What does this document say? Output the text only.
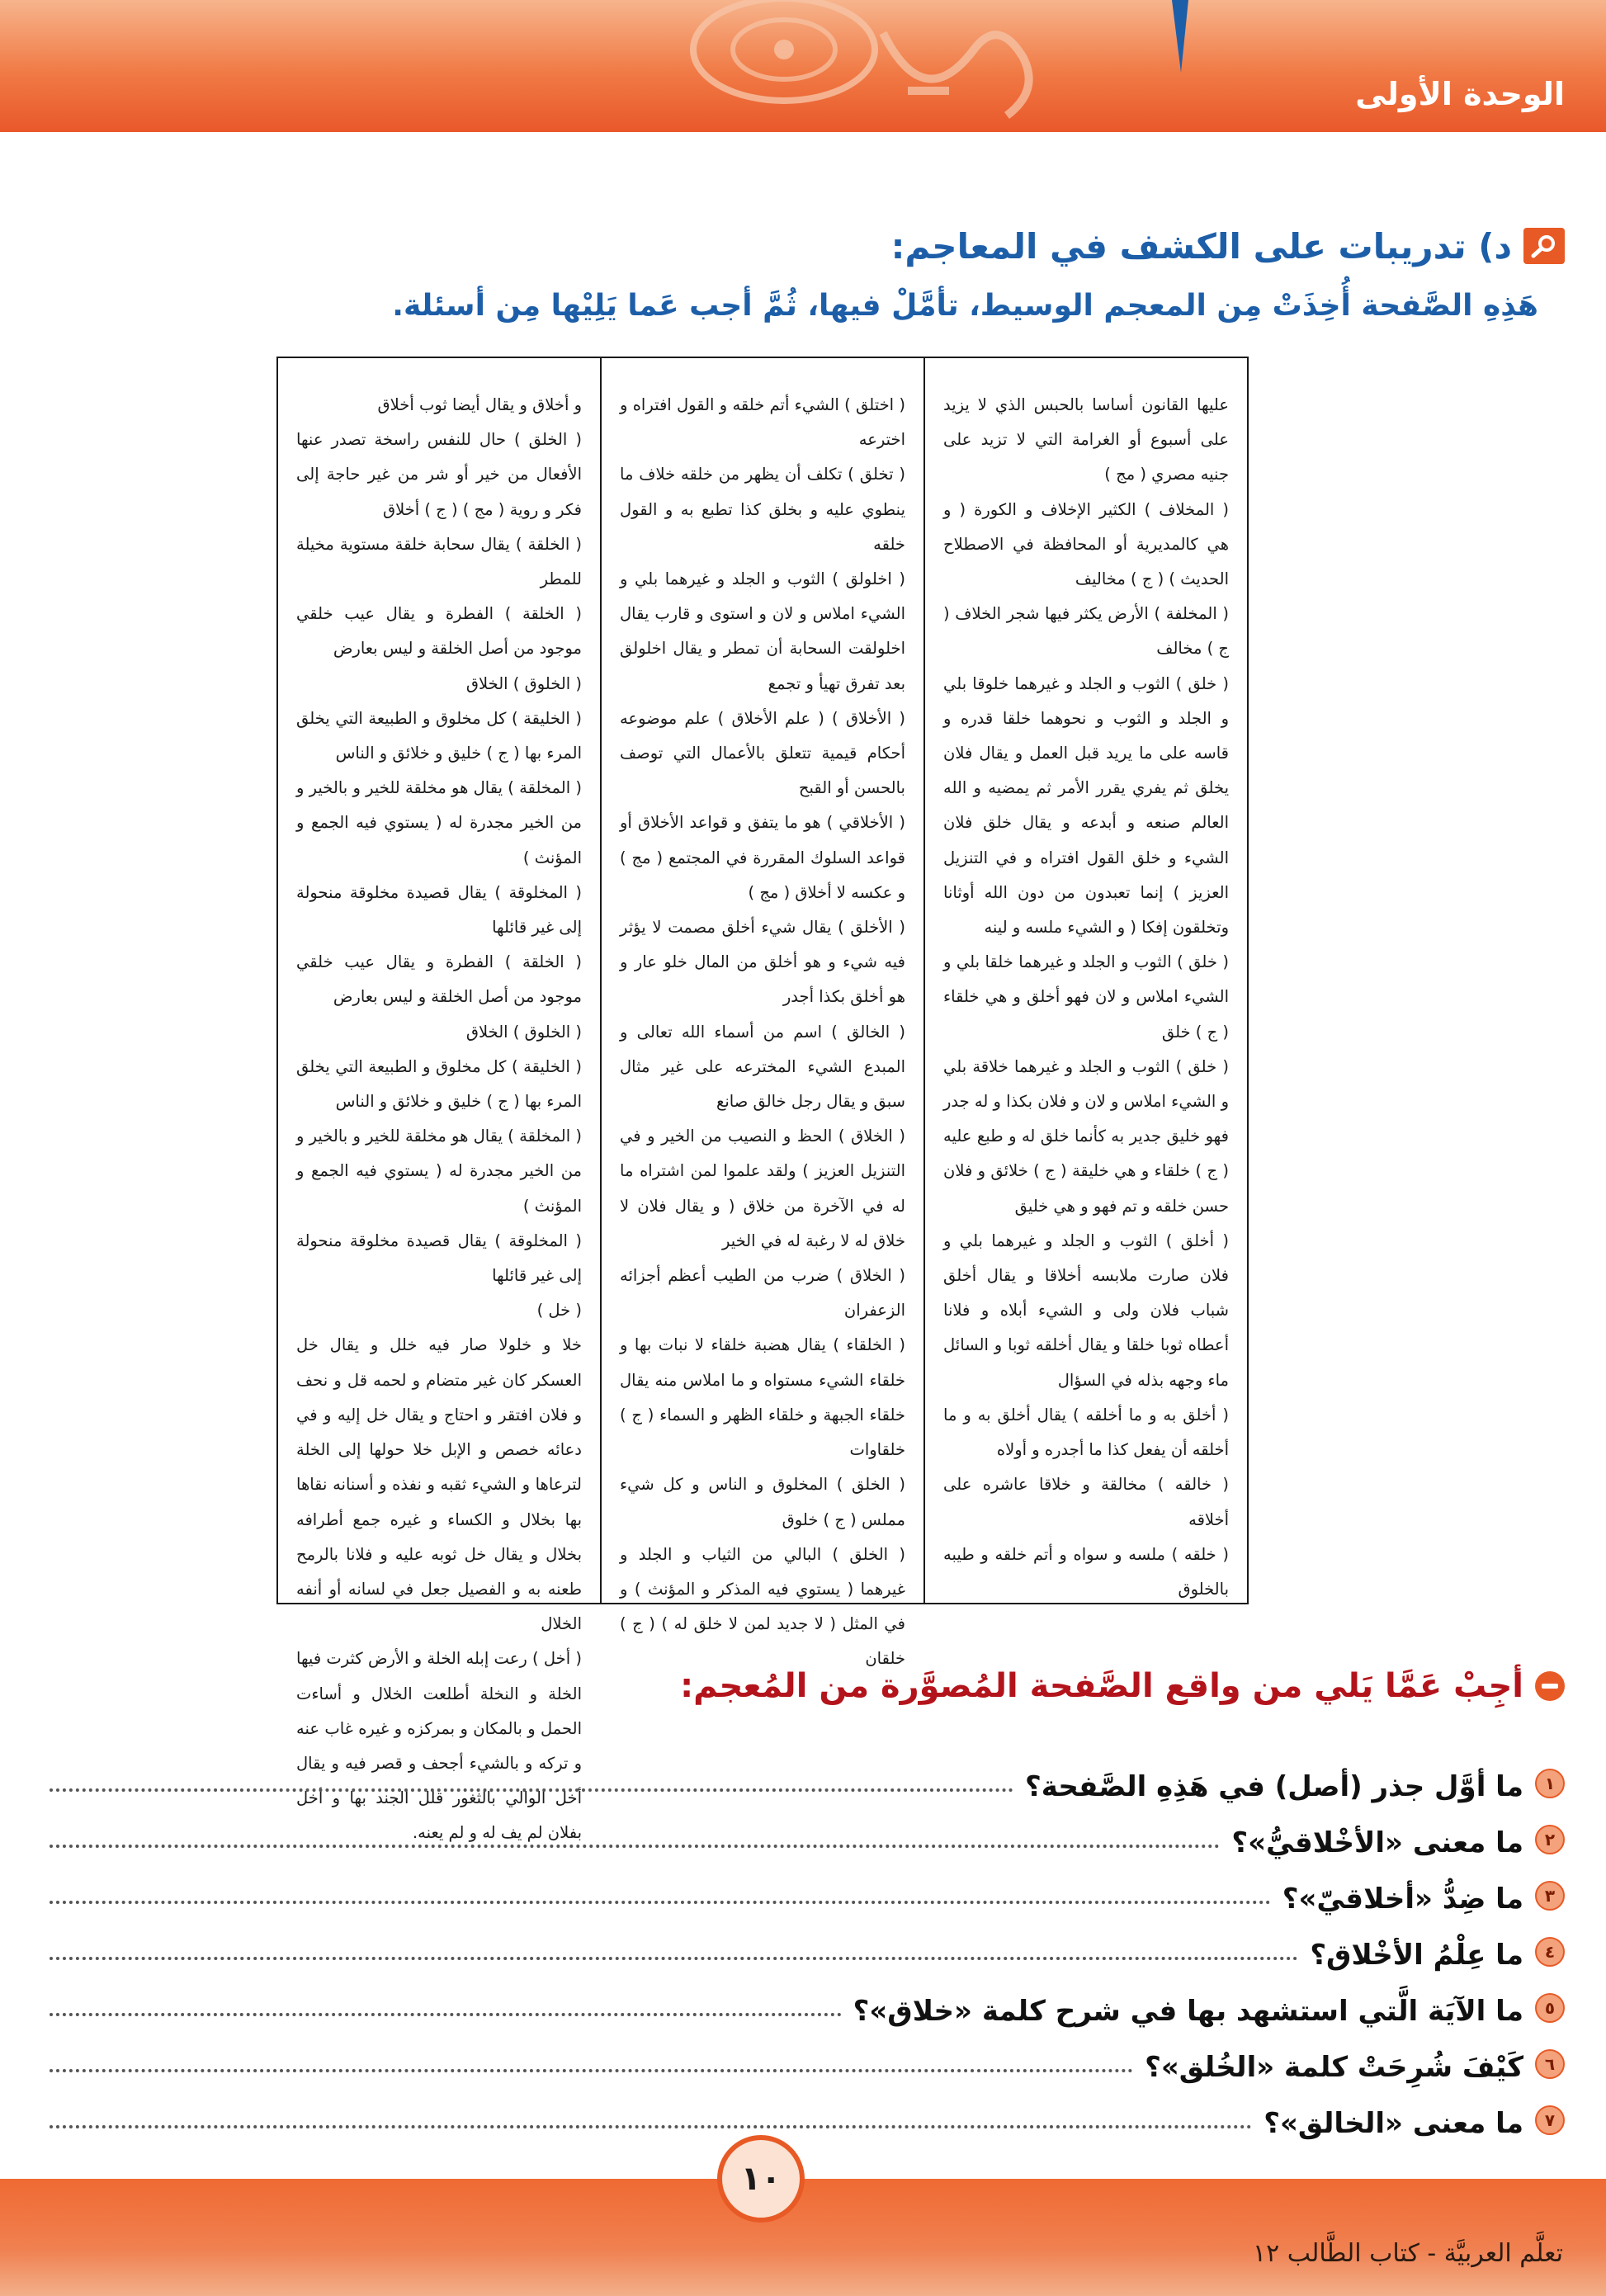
الوحدة الأولى
د) تدريبات على الكشف في المعاجم:
هَذِهِ الصَّفحة أُخِذَتْ مِن المعجم الوسيط، تأمَّلْ فيها، ثُمَّ أجب عَما يَلِيْها مِن أسئلة.
عليها القانون أساسا بالحبس الذي لا يزيد على أسبوع أو الغرامة التي لا تزيد على جنيه مصري ( مج )
( المخلاف ) الكثير الإخلاف و الكورة ( و هي كالمديرية أو المحافظة في الاصطلاح الحديث ) ( ج ) مخاليف
( المخلفة ) الأرض يكثر فيها شجر الخلاف ( ج ) مخالف
( خلق ) الثوب و الجلد و غيرهما خلوقا بلي و الجلد و الثوب و نحوهما خلقا قدره و قاسه على ما يريد قبل العمل و يقال فلان يخلق ثم يفري يقرر الأمر ثم يمضيه و الله العالم صنعه و أبدعه و يقال خلق فلان الشيء و خلق القول افتراه و في التنزيل العزيز ) إنما تعبدون من دون الله أوثانا وتخلقون إفكا ( و الشيء ملسه و لينه
( خلق ) الثوب و الجلد و غيرهما خلقا بلي و الشيء املاس و لان فهو أخلق و هي خلقاء ( ج ) خلق
( خلق ) الثوب و الجلد و غيرهما خلاقة بلي و الشيء املاس و لان و فلان بكذا و له جدر فهو خليق جدير به كأنما خلق له و طبع عليه ( ج ) خلقاء و هي خليقة ( ج ) خلائق و فلان حسن خلقه و تم فهو و هي خليق
( أخلق ) الثوب و الجلد و غيرهما بلي و فلان صارت ملابسه أخلاقا و يقال أخلق شباب فلان ولى و الشيء أبلاه و فلانا أعطاه ثوبا خلقا و يقال أخلقه ثوبا و السائل ماء وجهه بذله في السؤال
( أخلق به و ما أخلقه ) يقال أخلق به و ما أخلقه أن يفعل كذا ما أجدره و أولاه
( خالقه ) مخالقة و خلاقا عاشره على أخلاقه
( خلقه ) ملسه و سواه و أتم خلقه و طيبه بالخلوق
( اختلق ) الشيء أتم خلقه و القول افتراه و اخترعه
( تخلق ) تكلف أن يظهر من خلقه خلاف ما ينطوي عليه و بخلق كذا تطبع به و القول خلقه
( اخلولق ) الثوب و الجلد و غيرهما بلي و الشيء املاس و لان و استوى و قارب يقال اخلولقت السحابة أن تمطر و يقال اخلولق بعد تفرق تهيأ و تجمع
( الأخلاق ) ( علم الأخلاق ) علم موضوعه أحكام قيمية تتعلق بالأعمال التي توصف بالحسن أو القبح
( الأخلاقي ) هو ما يتفق و قواعد الأخلاق أو قواعد السلوك المقررة في المجتمع ( مج ) و عكسه لا أخلاق ( مج )
( الأخلق ) يقال شيء أخلق مصمت لا يؤثر فيه شيء و هو أخلق من المال خلو عار و هو أخلق بكذا أجدر
( الخالق ) اسم من أسماء الله تعالى و المبدع الشيء المخترعه على غير مثال سبق و يقال رجل خالق صانع
( الخلاق ) الحظ و النصيب من الخير و في التنزيل العزيز ) ولقد علموا لمن اشتراه ما له في الآخرة من خلاق ( و يقال فلان لا خلاق له لا رغبة له في الخير
( الخلاق ) ضرب من الطيب أعظم أجزائه الزعفران
( الخلقاء ) يقال هضبة خلقاء لا نبات بها و خلقاء الشيء مستواه و ما املاس منه يقال خلقاء الجبهة و خلقاء الظهر و السماء ( ج ) خلقاوات
( الخلق ) المخلوق و الناس و كل شيء مملس ( ج ) خلوق
( الخلق ) البالي من الثياب و الجلد و غيرهما ( يستوي فيه المذكر و المؤنث ) و في المثل ( لا جديد لمن لا خلق له ) ( ج ) خلقان
و أخلاق و يقال أيضا ثوب أخلاق
( الخلق ) حال للنفس راسخة تصدر عنها الأفعال من خير أو شر من غير حاجة إلى فكر و روية ( مج ) ( ج ) أخلاق
( الخلقة ) يقال سحابة خلقة مستوية مخيلة للمطر
( الخلقة ) الفطرة و يقال عيب خلقي موجود من أصل الخلقة و ليس بعارض
( الخلوق ) الخلاق
( الخليقة ) كل مخلوق و الطبيعة التي يخلق المرء بها ( ج ) خليق و خلائق و الناس
( المخلقة ) يقال هو مخلقة للخير و بالخير و من الخير مجدرة له ( يستوي فيه الجمع و المؤنث )
( المخلوقة ) يقال قصيدة مخلوقة منحولة إلى غير قائلها
( الخلقة ) الفطرة و يقال عيب خلقي موجود من أصل الخلقة و ليس بعارض
( الخلوق ) الخلاق
( الخليقة ) كل مخلوق و الطبيعة التي يخلق المرء بها ( ج ) خليق و خلائق و الناس
( المخلقة ) يقال هو مخلقة للخير و بالخير و من الخير مجدرة له ( يستوي فيه الجمع و المؤنث )
( المخلوقة ) يقال قصيدة مخلوقة منحولة إلى غير قائلها
( خل )
خلا و خلولا صار فيه خلل و يقال خل العسكر كان غير متضام و لحمه قل و نحف و فلان افتقر و احتاج و يقال خل إليه و في دعائه خصص و الإبل خلا حولها إلى الخلة لترعاها و الشيء ثقبه و نفذه و أسنانه نقاها بها بخلال و الكساء و غيره جمع أطرافه بخلال و يقال خل ثوبه عليه و فلانا بالرمح طعنه به و الفصيل جعل في لسانه أو أنفه الخلال
( أخل ) رعت إبله الخلة و الأرض كثرت فيها الخلة و النخلة أطلعت الخلال و أساءت الحمل و بالمكان و بمركزه و غيره غاب عنه و تركه و بالشيء أجحف و قصر فيه و يقال أخل الوالي بالثغور قلل الجند بها و أخل بفلان لم يف له و لم يعنه.
أجِبْ عَمَّا يَلي من واقع الصَّفحة المُصوَّرة من المُعجم:
١
ما أوَّل جذر (أصل) في هَذِهِ الصَّفحة؟
٢
ما معنى «الأخْلاقيُّ»؟
٣
ما ضِدُّ «أخلاقيّ»؟
٤
ما عِلْمُ الأخْلاق؟
٥
ما الآيَة الَّتي استشهد بها في شرح كلمة «خلاق»؟
٦
كَيْفَ شُرِحَتْ كلمة «الخُلق»؟
٧
ما معنى «الخالق»؟
١٠
تعلَّم العربيَّة - كتاب الطَّالب ١٢
